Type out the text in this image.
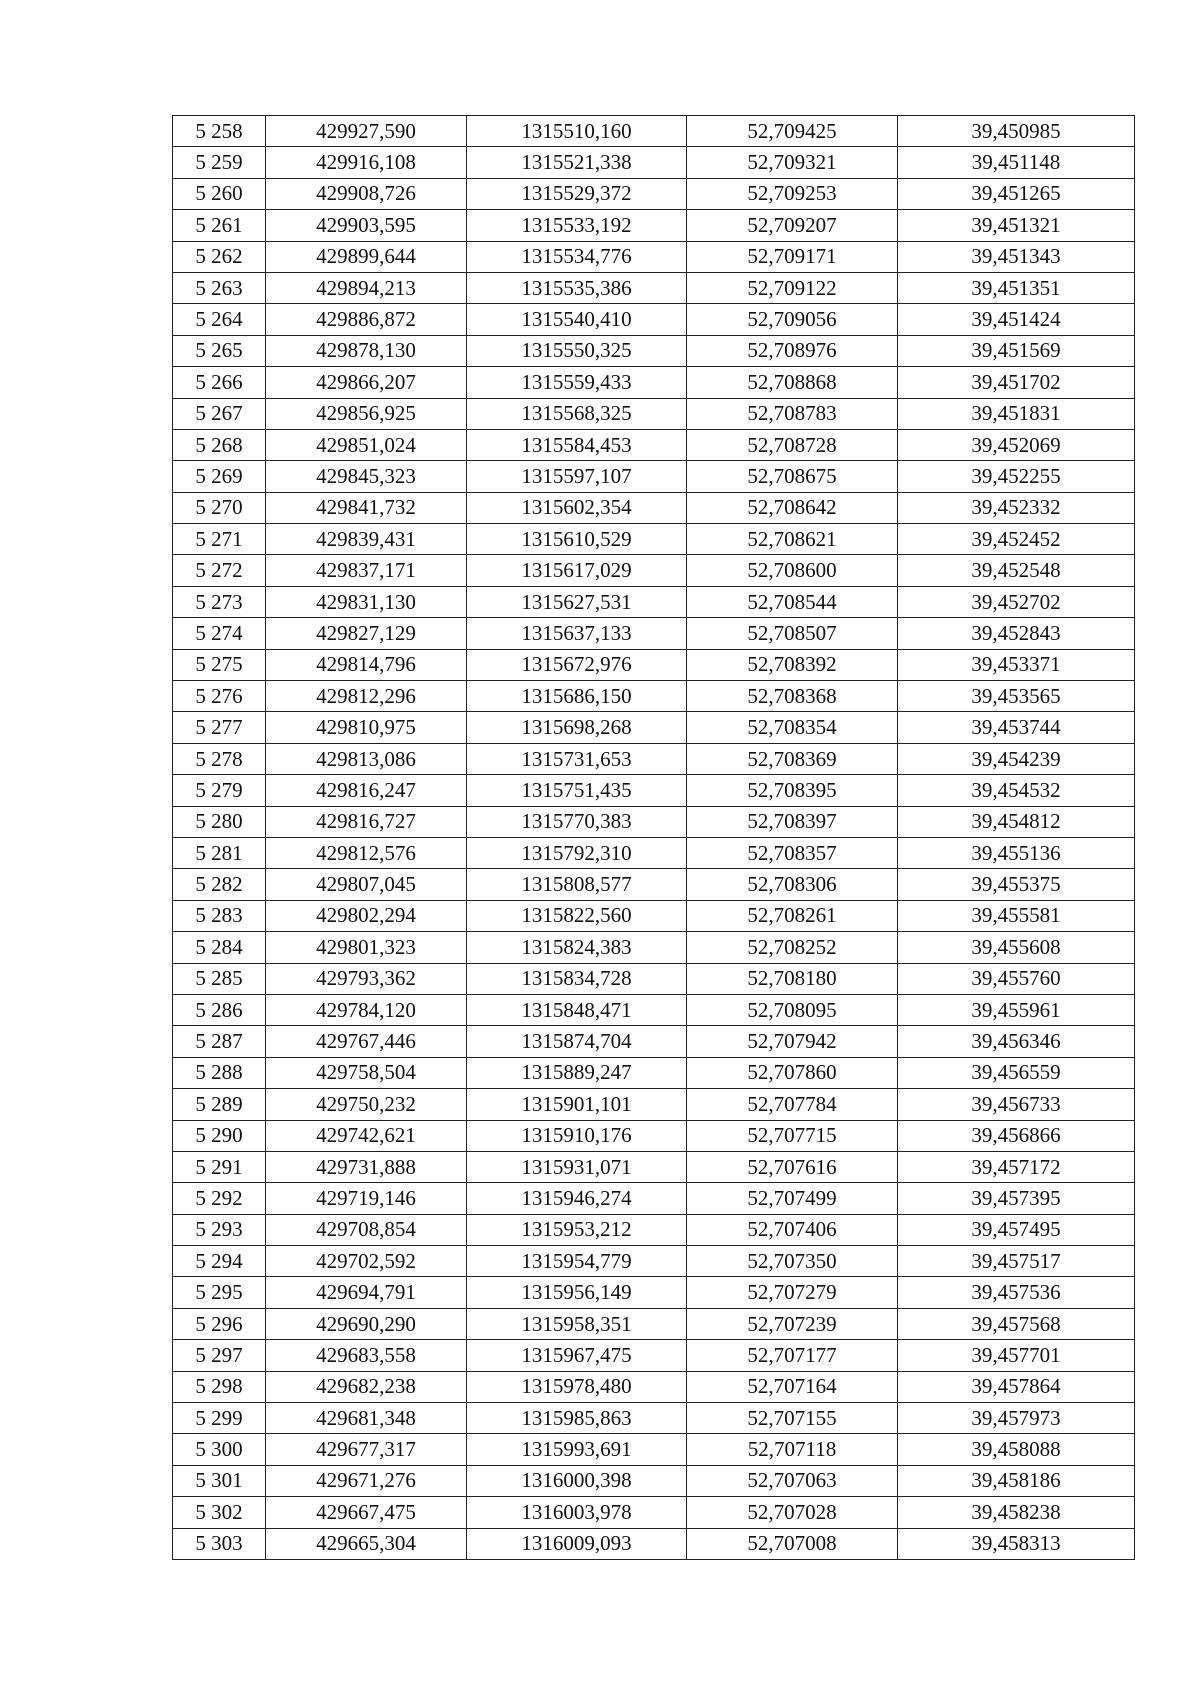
5 258	429927,590	1315510,160	52,709425	39,450985
5 259	429916,108	1315521,338	52,709321	39,451148
5 260	429908,726	1315529,372	52,709253	39,451265
5 261	429903,595	1315533,192	52,709207	39,451321
5 262	429899,644	1315534,776	52,709171	39,451343
5 263	429894,213	1315535,386	52,709122	39,451351
5 264	429886,872	1315540,410	52,709056	39,451424
5 265	429878,130	1315550,325	52,708976	39,451569
5 266	429866,207	1315559,433	52,708868	39,451702
5 267	429856,925	1315568,325	52,708783	39,451831
5 268	429851,024	1315584,453	52,708728	39,452069
5 269	429845,323	1315597,107	52,708675	39,452255
5 270	429841,732	1315602,354	52,708642	39,452332
5 271	429839,431	1315610,529	52,708621	39,452452
5 272	429837,171	1315617,029	52,708600	39,452548
5 273	429831,130	1315627,531	52,708544	39,452702
5 274	429827,129	1315637,133	52,708507	39,452843
5 275	429814,796	1315672,976	52,708392	39,453371
5 276	429812,296	1315686,150	52,708368	39,453565
5 277	429810,975	1315698,268	52,708354	39,453744
5 278	429813,086	1315731,653	52,708369	39,454239
5 279	429816,247	1315751,435	52,708395	39,454532
5 280	429816,727	1315770,383	52,708397	39,454812
5 281	429812,576	1315792,310	52,708357	39,455136
5 282	429807,045	1315808,577	52,708306	39,455375
5 283	429802,294	1315822,560	52,708261	39,455581
5 284	429801,323	1315824,383	52,708252	39,455608
5 285	429793,362	1315834,728	52,708180	39,455760
5 286	429784,120	1315848,471	52,708095	39,455961
5 287	429767,446	1315874,704	52,707942	39,456346
5 288	429758,504	1315889,247	52,707860	39,456559
5 289	429750,232	1315901,101	52,707784	39,456733
5 290	429742,621	1315910,176	52,707715	39,456866
5 291	429731,888	1315931,071	52,707616	39,457172
5 292	429719,146	1315946,274	52,707499	39,457395
5 293	429708,854	1315953,212	52,707406	39,457495
5 294	429702,592	1315954,779	52,707350	39,457517
5 295	429694,791	1315956,149	52,707279	39,457536
5 296	429690,290	1315958,351	52,707239	39,457568
5 297	429683,558	1315967,475	52,707177	39,457701
5 298	429682,238	1315978,480	52,707164	39,457864
5 299	429681,348	1315985,863	52,707155	39,457973
5 300	429677,317	1315993,691	52,707118	39,458088
5 301	429671,276	1316000,398	52,707063	39,458186
5 302	429667,475	1316003,978	52,707028	39,458238
5 303	429665,304	1316009,093	52,707008	39,458313
